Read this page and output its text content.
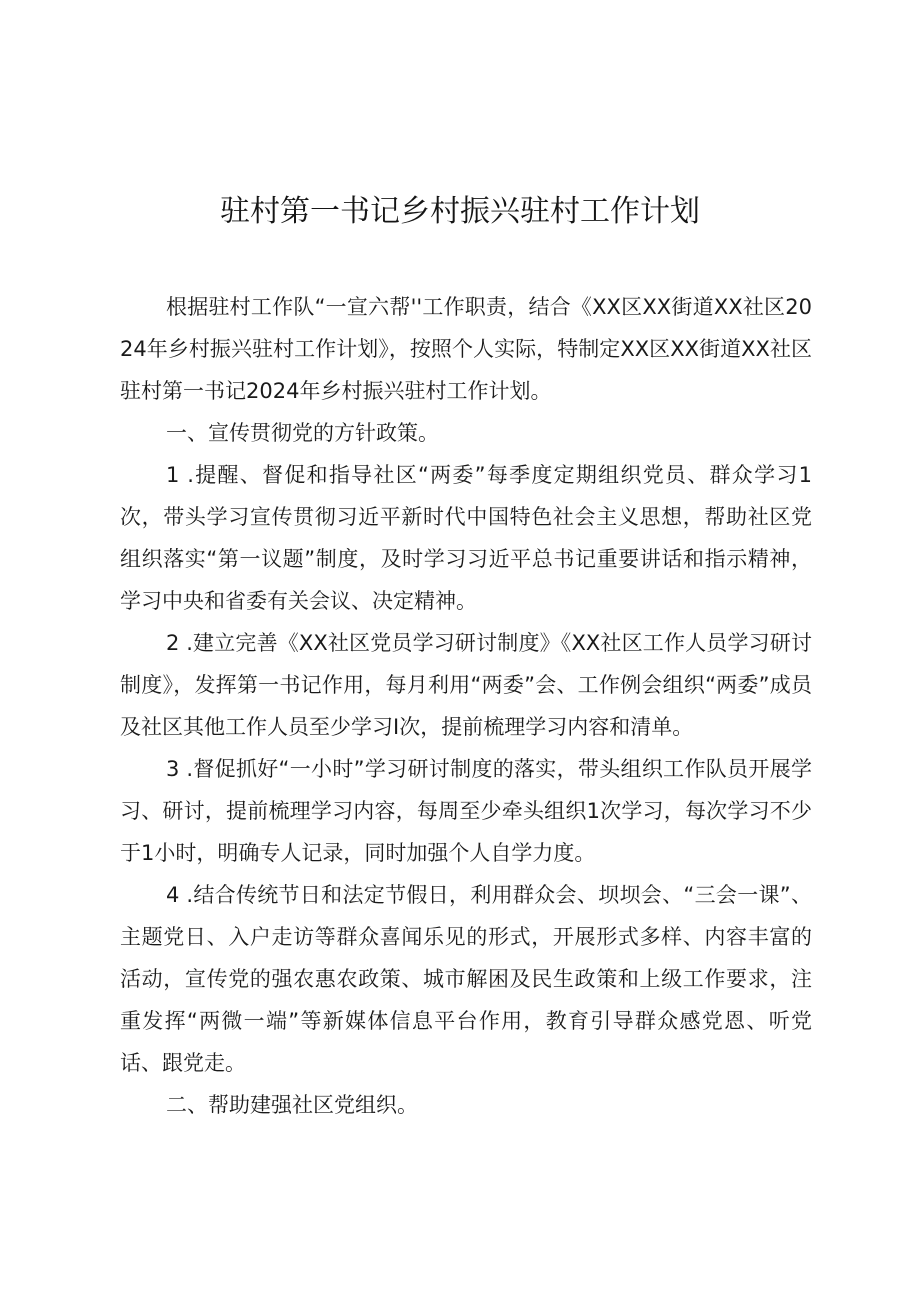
驻村第一书记乡村振兴驻村工作计划

根据驻村工作队“一宣六帮''工作职责，结合《XX区XX街道XX社区2024年乡村振兴驻村工作计划》，按照个人实际，特制定XX区XX街道XX社区驻村第一书记2024年乡村振兴驻村工作计划。

一、宣传贯彻党的方针政策。

1 .提醒、督促和指导社区“两委”每季度定期组织党员、群众学习1次，带头学习宣传贯彻习近平新时代中国特色社会主义思想，帮助社区党组织落实“第一议题”制度，及时学习习近平总书记重要讲话和指示精神，学习中央和省委有关会议、决定精神。

2 .建立完善《XX社区党员学习研讨制度》《XX社区工作人员学习研讨制度》，发挥第一书记作用，每月利用“两委”会、工作例会组织“两委”成员及社区其他工作人员至少学习I次，提前梳理学习内容和清单。

3 .督促抓好“一小时”学习研讨制度的落实，带头组织工作队员开展学习、研讨，提前梳理学习内容，每周至少牵头组织1次学习，每次学习不少于1小时，明确专人记录，同时加强个人自学力度。

4 .结合传统节日和法定节假日，利用群众会、坝坝会、“三会一课”、主题党日、入户走访等群众喜闻乐见的形式，开展形式多样、内容丰富的活动，宣传党的强农惠农政策、城市解困及民生政策和上级工作要求，注重发挥“两微一端”等新媒体信息平台作用，教育引导群众感党恩、听党话、跟党走。

二、帮助建强社区党组织。
